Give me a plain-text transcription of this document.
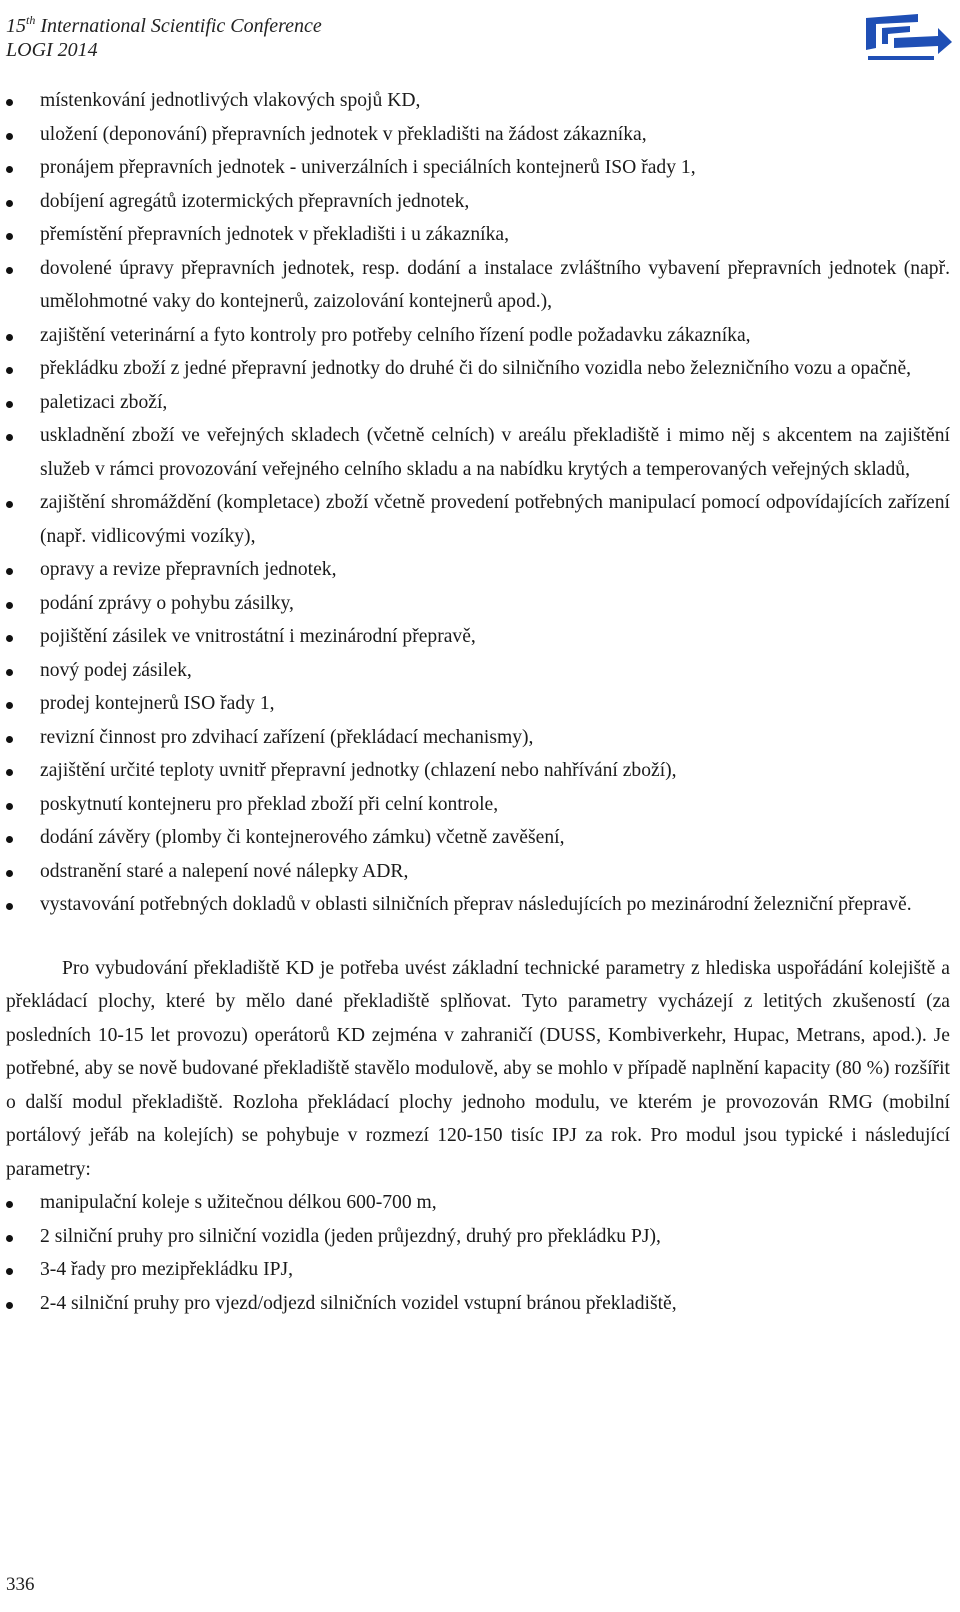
15th International Scientific Conference
LOGI 2014
místenkování jednotlivých vlakových spojů KD,
uložení (deponování) přepravních jednotek v překladišti na žádost zákazníka,
pronájem přepravních jednotek - univerzálních i speciálních kontejnerů ISO řady 1,
dobíjení agregátů izotermických přepravních jednotek,
přemístění přepravních jednotek v překladišti i u zákazníka,
dovolené úpravy přepravních jednotek, resp. dodání a instalace zvláštního vybavení přepravních jednotek (např. umělohmotné vaky do kontejnerů, zaizolování kontejnerů apod.),
zajištění veterinární a fyto kontroly pro potřeby celního řízení podle požadavku zákazníka,
překládku zboží z jedné přepravní jednotky do druhé či do silničního vozidla nebo železničního vozu a opačně,
paletizaci zboží,
uskladnění zboží ve veřejných skladech (včetně celních) v areálu překladiště i mimo něj s akcentem na zajištění služeb v rámci provozování veřejného celního skladu a na nabídku krytých a temperovaných veřejných skladů,
zajištění shromáždění (kompletace) zboží včetně provedení potřebných manipulací pomocí odpovídajících zařízení (např. vidlicovými vozíky),
opravy a revize přepravních jednotek,
podání zprávy o pohybu zásilky,
pojištění zásilek ve vnitrostátní i mezinárodní přepravě,
nový podej zásilek,
prodej kontejnerů ISO řady 1,
revizní činnost pro zdvihací zařízení (překládací mechanismy),
zajištění určité teploty uvnitř přepravní jednotky (chlazení nebo nahřívání zboží),
poskytnutí kontejneru pro překlad zboží při celní kontrole,
dodání závěry (plomby či kontejnerového zámku) včetně zavěšení,
odstranění staré a nalepení nové nálepky ADR,
vystavování potřebných dokladů v oblasti silničních přeprav následujících po mezinárodní železniční přepravě.
Pro vybudování překladiště KD je potřeba uvést základní technické parametry z hlediska uspořádání kolejiště a překládací plochy, které by mělo dané překladiště splňovat. Tyto parametry vycházejí z letitých zkušeností (za posledních 10-15 let provozu) operátorů KD zejména v zahraničí (DUSS, Kombiverkehr, Hupac, Metrans, apod.). Je potřebné, aby se nově budované překladiště stavělo modulově, aby se mohlo v případě naplnění kapacity (80 %) rozšířit o další modul překladiště. Rozloha překládací plochy jednoho modulu, ve kterém je provozován RMG (mobilní portálový jeřáb na kolejích) se pohybuje v rozmezí 120-150 tisíc IPJ za rok. Pro modul jsou typické i následující parametry:
manipulační koleje s užitečnou délkou 600-700 m,
2 silniční pruhy pro silniční vozidla (jeden průjezdný, druhý pro překládku PJ),
3-4 řady pro mezipřekládku IPJ,
2-4 silniční pruhy pro vjezd/odjezd silničních vozidel vstupní bránou překladiště,
336
